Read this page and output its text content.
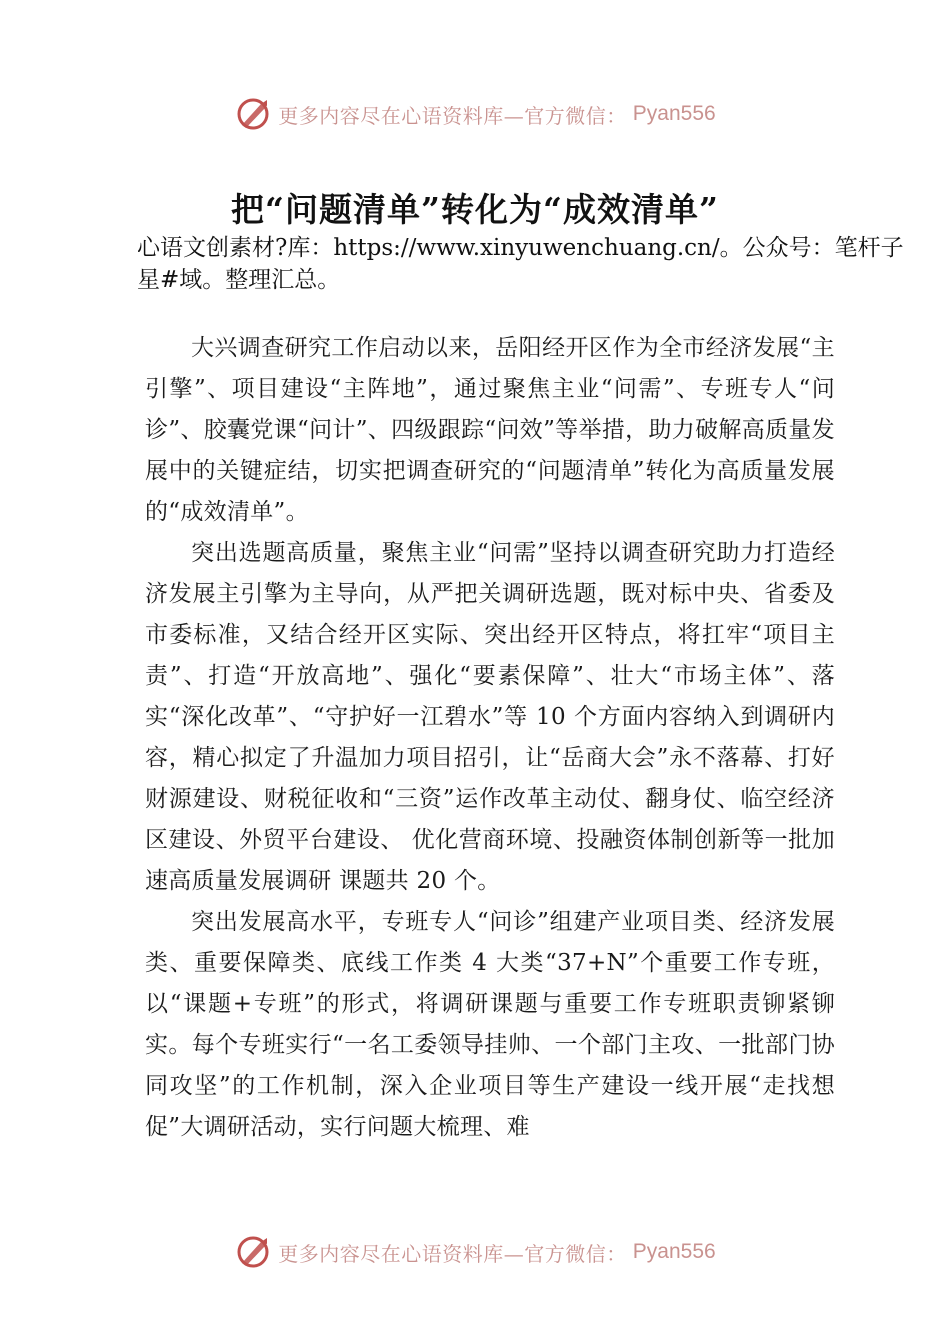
更多内容尽在心语资料库—官方微信： Pyan556
把“问题清单”转化为“成效清单”

心语文创素材?库：https://www.xinyuwenchuang.cn/。公众号：笔杆子星#域。整理汇总。

大兴调查研究工作启动以来，岳阳经开区作为全市经济发展“主引擎”、项目建设“主阵地”，通过聚焦主业“问需”、专班专人“问诊”、胶囊党课“问计”、四级跟踪“问效”等举措，助力破解高质量发展中的关键症结，切实把调查研究的“问题清单”转化为高质量发展的“成效清单”。

突出选题高质量，聚焦主业“问需”坚持以调查研究助力打造经济发展主引擎为主导向，从严把关调研选题，既对标中央、省委及市委标准，又结合经开区实际、突出经开区特点，将扛牢“项目主责”、打造“开放高地”、强化“要素保障”、壮大“市场主体”、落实“深化改革”、“守护好一江碧水”等 10 个方面内容纳入到调研内容，精心拟定了升温加力项目招引，让“岳商大会”永不落幕、打好财源建设、财税征收和“三资”运作改革主动仗、翻身仗、临空经济区建设、外贸平台建设、 优化营商环境、投融资体制创新等一批加速高质量发展调研 课题共 20 个。

突出发展高水平，专班专人“问诊”组建产业项目类、经济发展类、重要保障类、底线工作类 4 大类“37+N”个重要工作专班，以“课题+专班”的形式，将调研课题与重要工作专班职责铆紧铆实。每个专班实行“一名工委领导挂帅、一个部门主攻、一批部门协同攻坚”的工作机制，深入企业项目等生产建设一线开展“走找想促”大调研活动，实行问题大梳理、难

更多内容尽在心语资料库—官方微信： Pyan556
